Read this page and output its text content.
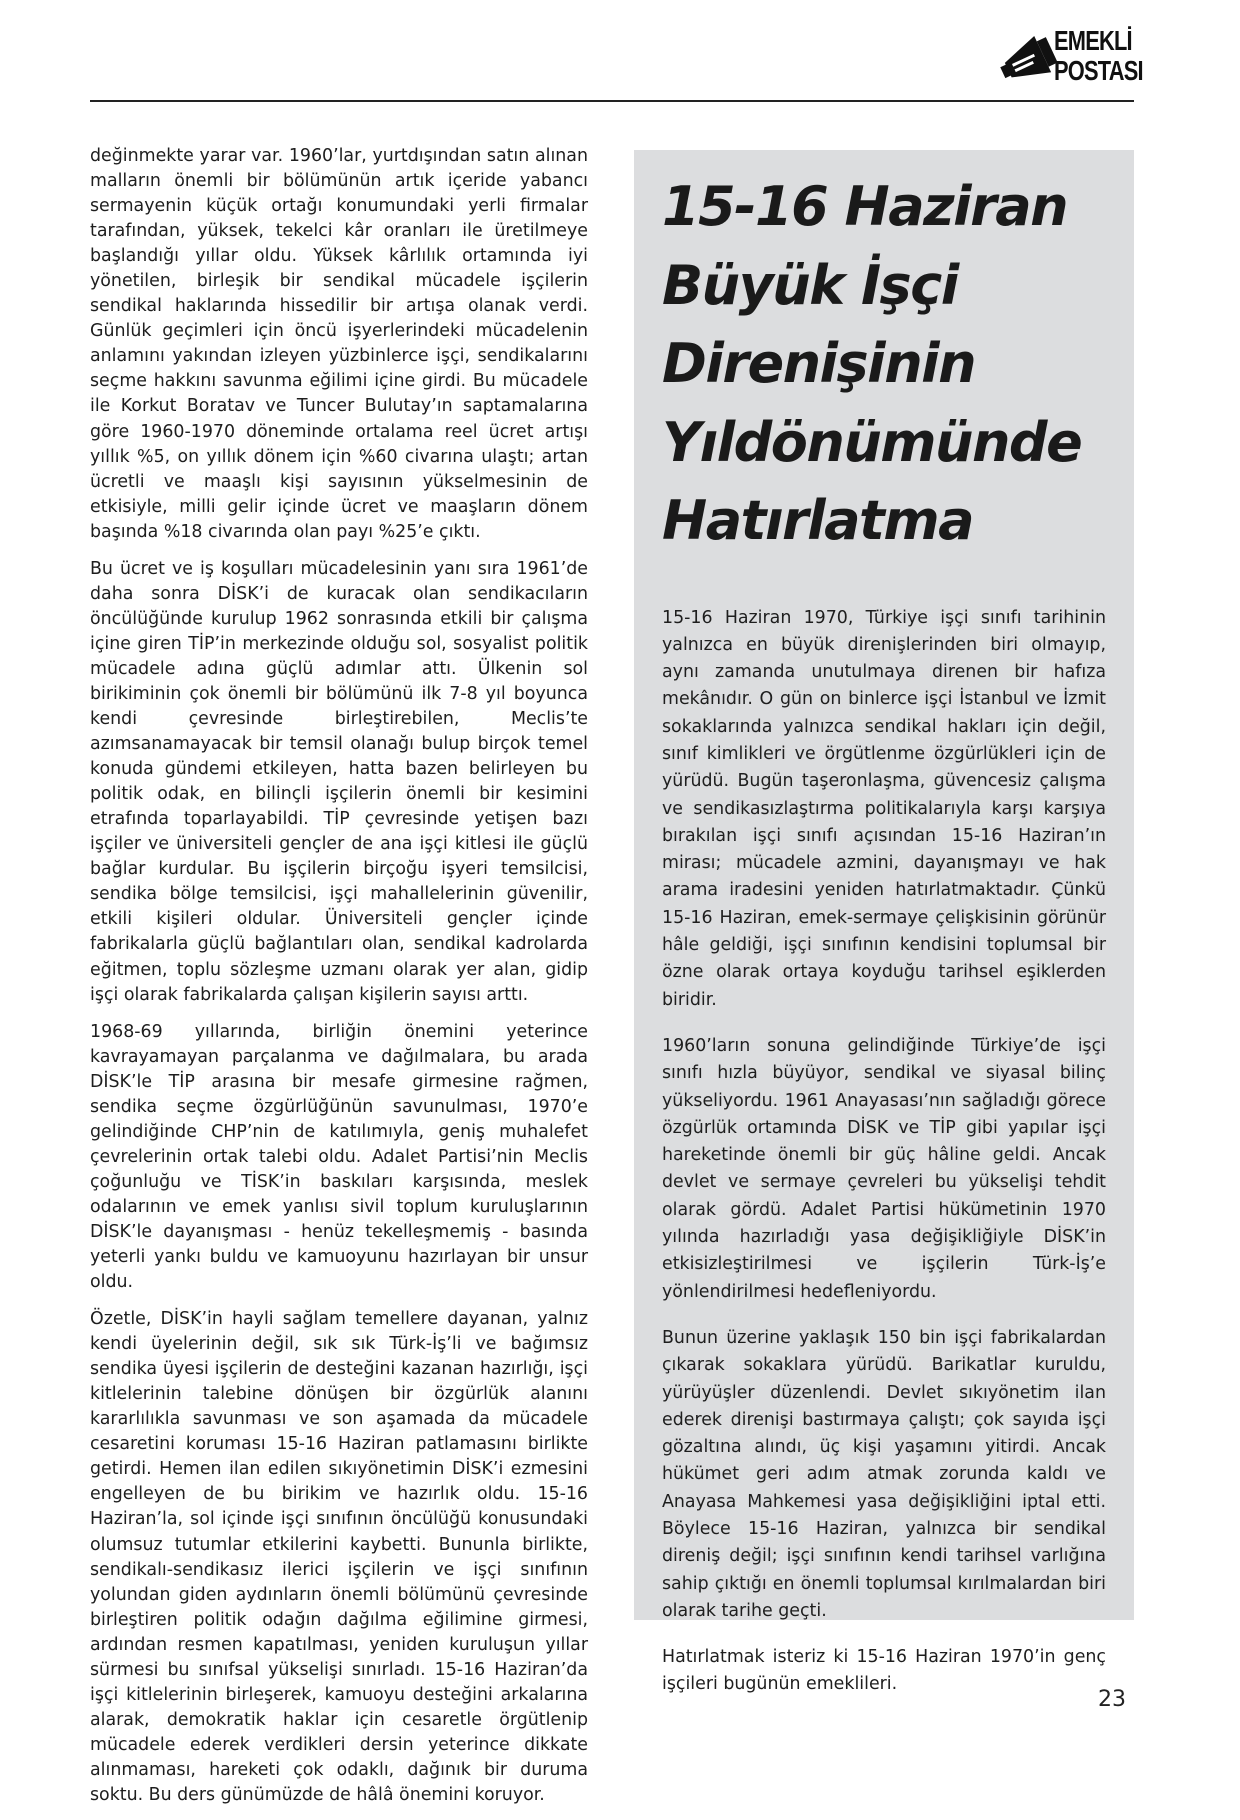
EMEKLİ
POSTASI

değinmekte yarar var. 1960’lar, yurtdışından satın alınan malların önemli bir bölümünün artık içeride yabancı sermayenin küçük ortağı konumundaki yerli firmalar tarafından, yüksek, tekelci kâr oranları ile üretilmeye başlandığı yıllar oldu. Yüksek kârlılık ortamında iyi yönetilen, birleşik bir sendikal mücadele işçilerin sendikal haklarında hissedilir bir artışa olanak verdi. Günlük geçimleri için öncü işyerlerindeki mücadelenin anlamını yakından izleyen yüzbinlerce işçi, sendikalarını seçme hakkını savunma eğilimi içine girdi. Bu mücadele ile Korkut Boratav ve Tuncer Bulutay’ın saptamalarına göre 1960-1970 döneminde ortalama reel ücret artışı yıllık %5, on yıllık dönem için %60 civarına ulaştı; artan ücretli ve maaşlı kişi sayısının yükselmesinin de etkisiyle, milli gelir içinde ücret ve maaşların dönem başında %18 civarında olan payı %25’e çıktı.

Bu ücret ve iş koşulları mücadelesinin yanı sıra 1961’de daha sonra DİSK’i de kuracak olan sendikacıların öncülüğünde kurulup 1962 sonrasında etkili bir çalışma içine giren TİP’in merkezinde olduğu sol, sosyalist politik mücadele adına güçlü adımlar attı. Ülkenin sol birikiminin çok önemli bir bölümünü ilk 7-8 yıl boyunca kendi çevresinde birleştirebilen, Meclis’te azımsanamayacak bir temsil olanağı bulup birçok temel konuda gündemi etkileyen, hatta bazen belirleyen bu politik odak, en bilinçli işçilerin önemli bir kesimini etrafında toparlayabildi. TİP çevresinde yetişen bazı işçiler ve üniversiteli gençler de ana işçi kitlesi ile güçlü bağlar kurdular. Bu işçilerin birçoğu işyeri temsilcisi, sendika bölge temsilcisi, işçi mahallelerinin güvenilir, etkili kişileri oldular. Üniversiteli gençler içinde fabrikalarla güçlü bağlantıları olan, sendikal kadrolarda eğitmen, toplu sözleşme uzmanı olarak yer alan, gidip işçi olarak fabrikalarda çalışan kişilerin sayısı arttı.

1968-69 yıllarında, birliğin önemini yeterince kavrayamayan parçalanma ve dağılmalara, bu arada DİSK’le TİP arasına bir mesafe girmesine rağmen, sendika seçme özgürlüğünün savunulması, 1970’e gelindiğinde CHP’nin de katılımıyla, geniş muhalefet çevrelerinin ortak talebi oldu. Adalet Partisi’nin Meclis çoğunluğu ve TİSK’in baskıları karşısında, meslek odalarının ve emek yanlısı sivil toplum kuruluşlarının DİSK’le dayanışması - henüz tekelleşmemiş - basında yeterli yankı buldu ve kamuoyunu hazırlayan bir unsur oldu.

Özetle, DİSK’in hayli sağlam temellere dayanan, yalnız kendi üyelerinin değil, sık sık Türk-İş’li ve bağımsız sendika üyesi işçilerin de desteğini kazanan hazırlığı, işçi kitlelerinin talebine dönüşen bir özgürlük alanını kararlılıkla savunması ve son aşamada da mücadele cesaretini koruması 15-16 Haziran patlamasını birlikte getirdi. Hemen ilan edilen sıkıyönetimin DİSK’i ezmesini engelleyen de bu birikim ve hazırlık oldu. 15-16 Haziran’la, sol içinde işçi sınıfının öncülüğü konusundaki olumsuz tutumlar etkilerini kaybetti. Bununla birlikte, sendikalı-sendikasız ilerici işçilerin ve işçi sınıfının yolundan giden aydınların önemli bölümünü çevresinde birleştiren politik odağın dağılma eğilimine girmesi, ardından resmen kapatılması, yeniden kuruluşun yıllar sürmesi bu sınıfsal yükselişi sınırladı. 15-16 Haziran’da işçi kitlelerinin birleşerek, kamuoyu desteğini arkalarına alarak, demokratik haklar için cesaretle örgütlenip mücadele ederek verdikleri dersin yeterince dikkate alınmaması, hareketi çok odaklı, dağınık bir duruma soktu. Bu ders günümüzde de hâlâ önemini koruyor.

15-16 Haziran Büyük İşçi Direnişinin Yıldönümünde Hatırlatma

15-16 Haziran 1970, Türkiye işçi sınıfı tarihinin yalnızca en büyük direnişlerinden biri olmayıp, aynı zamanda unutulmaya direnen bir hafıza mekânıdır. O gün on binlerce işçi İstanbul ve İzmit sokaklarında yalnızca sendikal hakları için değil, sınıf kimlikleri ve örgütlenme özgürlükleri için de yürüdü. Bugün taşeronlaşma, güvencesiz çalışma ve sendikasızlaştırma politikalarıyla karşı karşıya bırakılan işçi sınıfı açısından 15-16 Haziran’ın mirası; mücadele azmini, dayanışmayı ve hak arama iradesini yeniden hatırlatmaktadır. Çünkü 15-16 Haziran, emek-sermaye çelişkisinin görünür hâle geldiği, işçi sınıfının kendisini toplumsal bir özne olarak ortaya koyduğu tarihsel eşiklerden biridir.

1960’ların sonuna gelindiğinde Türkiye’de işçi sınıfı hızla büyüyor, sendikal ve siyasal bilinç yükseliyordu. 1961 Anayasası’nın sağladığı görece özgürlük ortamında DİSK ve TİP gibi yapılar işçi hareketinde önemli bir güç hâline geldi. Ancak devlet ve sermaye çevreleri bu yükselişi tehdit olarak gördü. Adalet Partisi hükümetinin 1970 yılında hazırladığı yasa değişikliğiyle DİSK’in etkisizleştirilmesi ve işçilerin Türk-İş’e yönlendirilmesi hedefleniyordu.

Bunun üzerine yaklaşık 150 bin işçi fabrikalardan çıkarak sokaklara yürüdü. Barikatlar kuruldu, yürüyüşler düzenlendi. Devlet sıkıyönetim ilan ederek direnişi bastırmaya çalıştı; çok sayıda işçi gözaltına alındı, üç kişi yaşamını yitirdi. Ancak hükümet geri adım atmak zorunda kaldı ve Anayasa Mahkemesi yasa değişikliğini iptal etti. Böylece 15-16 Haziran, yalnızca bir sendikal direniş değil; işçi sınıfının kendi tarihsel varlığına sahip çıktığı en önemli toplumsal kırılmalardan biri olarak tarihe geçti.

Hatırlatmak isteriz ki 15-16 Haziran 1970’in genç işçileri bugünün emeklileri.

23
